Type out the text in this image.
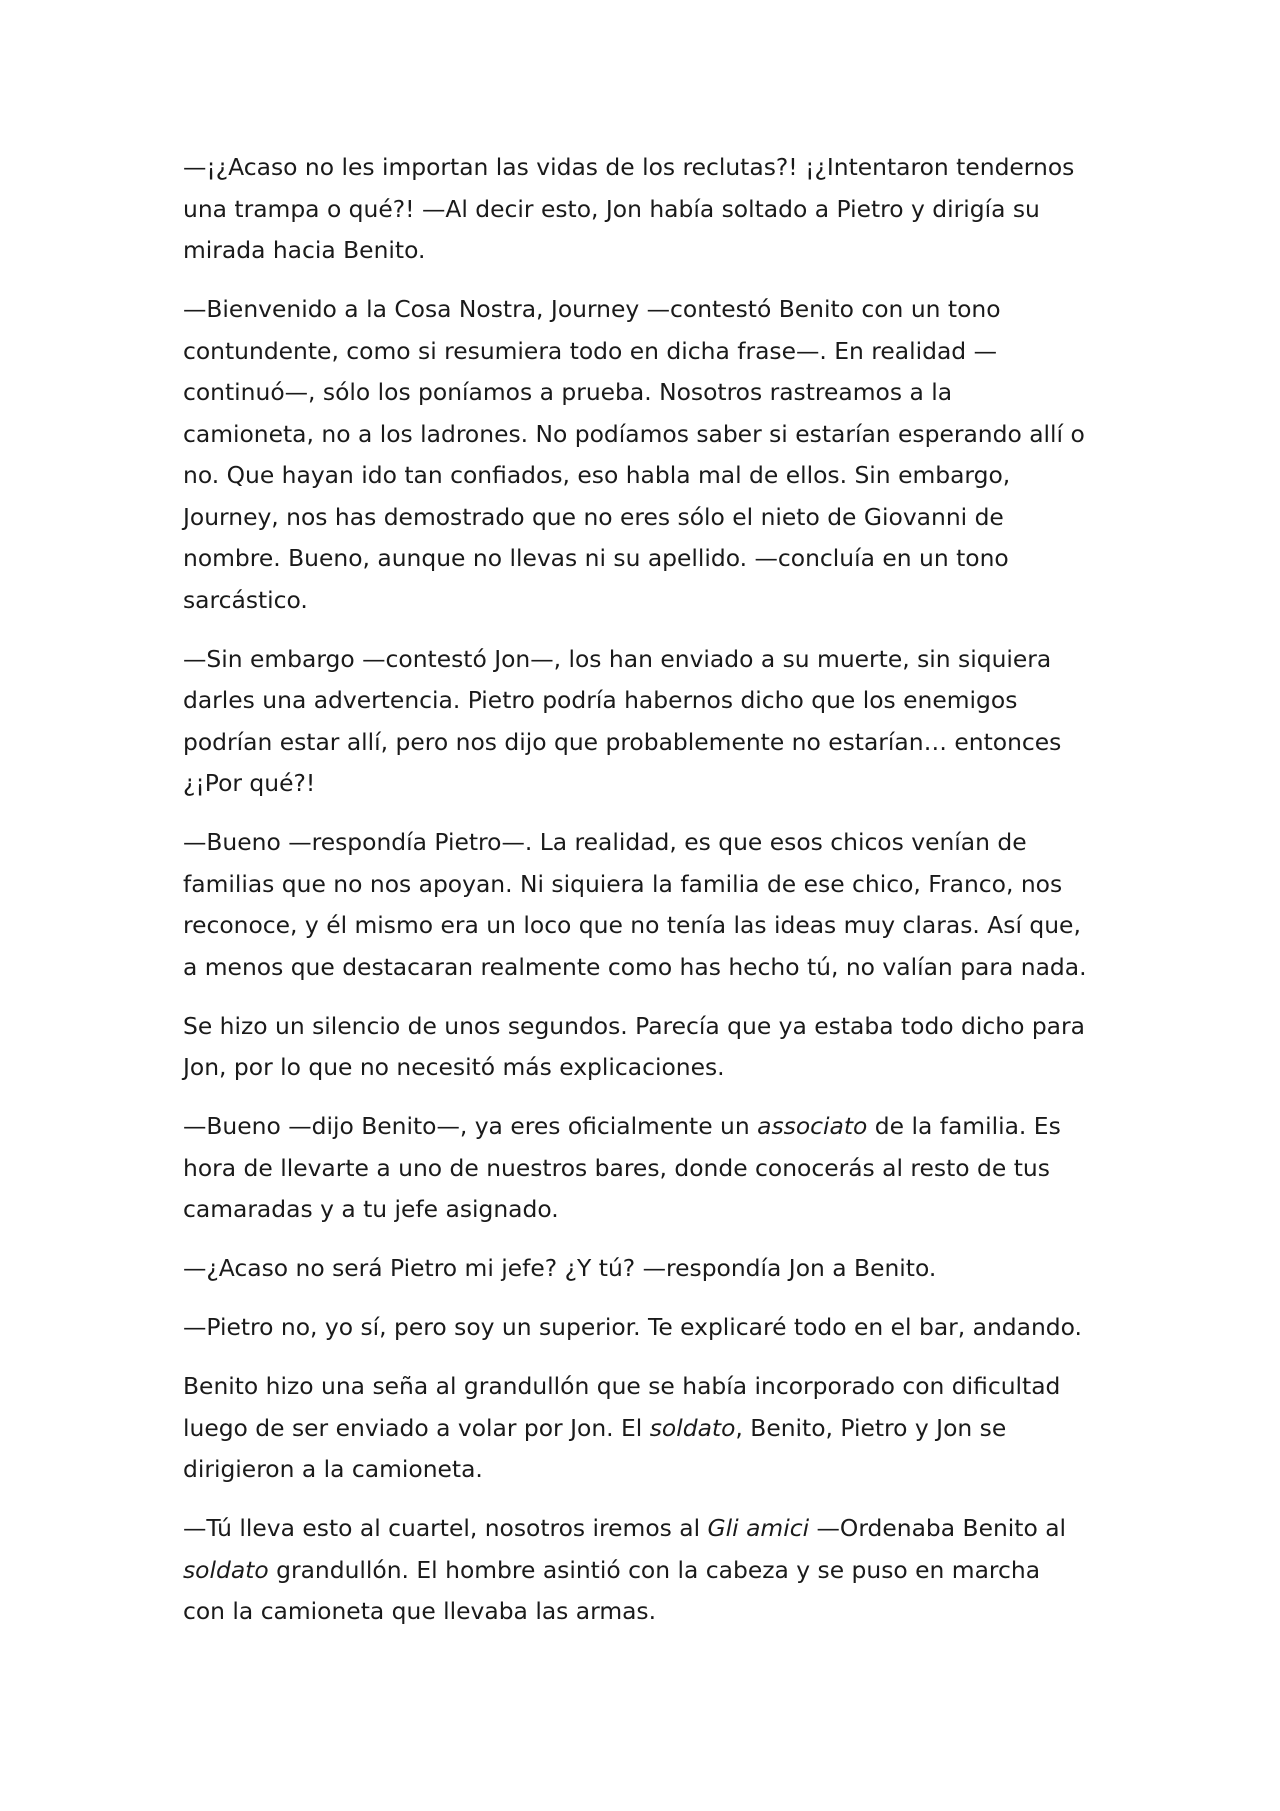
—¡¿Acaso no les importan las vidas de los reclutas?! ¡¿Intentaron tendernos
una trampa o qué?! —Al decir esto, Jon había soltado a Pietro y dirigía su
mirada hacia Benito.

—Bienvenido a la Cosa Nostra, Journey —contestó Benito con un tono
contundente, como si resumiera todo en dicha frase—. En realidad —
continuó—, sólo los poníamos a prueba. Nosotros rastreamos a la
camioneta, no a los ladrones. No podíamos saber si estarían esperando allí o
no. Que hayan ido tan confiados, eso habla mal de ellos. Sin embargo,
Journey, nos has demostrado que no eres sólo el nieto de Giovanni de
nombre. Bueno, aunque no llevas ni su apellido. —concluía en un tono
sarcástico.

—Sin embargo —contestó Jon—, los han enviado a su muerte, sin siquiera
darles una advertencia. Pietro podría habernos dicho que los enemigos
podrían estar allí, pero nos dijo que probablemente no estarían… entonces
¿¡Por qué?!

—Bueno —respondía Pietro—. La realidad, es que esos chicos venían de
familias que no nos apoyan. Ni siquiera la familia de ese chico, Franco, nos
reconoce, y él mismo era un loco que no tenía las ideas muy claras. Así que,
a menos que destacaran realmente como has hecho tú, no valían para nada.

Se hizo un silencio de unos segundos. Parecía que ya estaba todo dicho para
Jon, por lo que no necesitó más explicaciones.

—Bueno —dijo Benito—, ya eres oficialmente un associato de la familia. Es
hora de llevarte a uno de nuestros bares, donde conocerás al resto de tus
camaradas y a tu jefe asignado.

—¿Acaso no será Pietro mi jefe? ¿Y tú? —respondía Jon a Benito.

—Pietro no, yo sí, pero soy un superior. Te explicaré todo en el bar, andando.

Benito hizo una seña al grandullón que se había incorporado con dificultad
luego de ser enviado a volar por Jon. El soldato, Benito, Pietro y Jon se
dirigieron a la camioneta.

—Tú lleva esto al cuartel, nosotros iremos al Gli amici —Ordenaba Benito al
soldato grandullón. El hombre asintió con la cabeza y se puso en marcha
con la camioneta que llevaba las armas.
